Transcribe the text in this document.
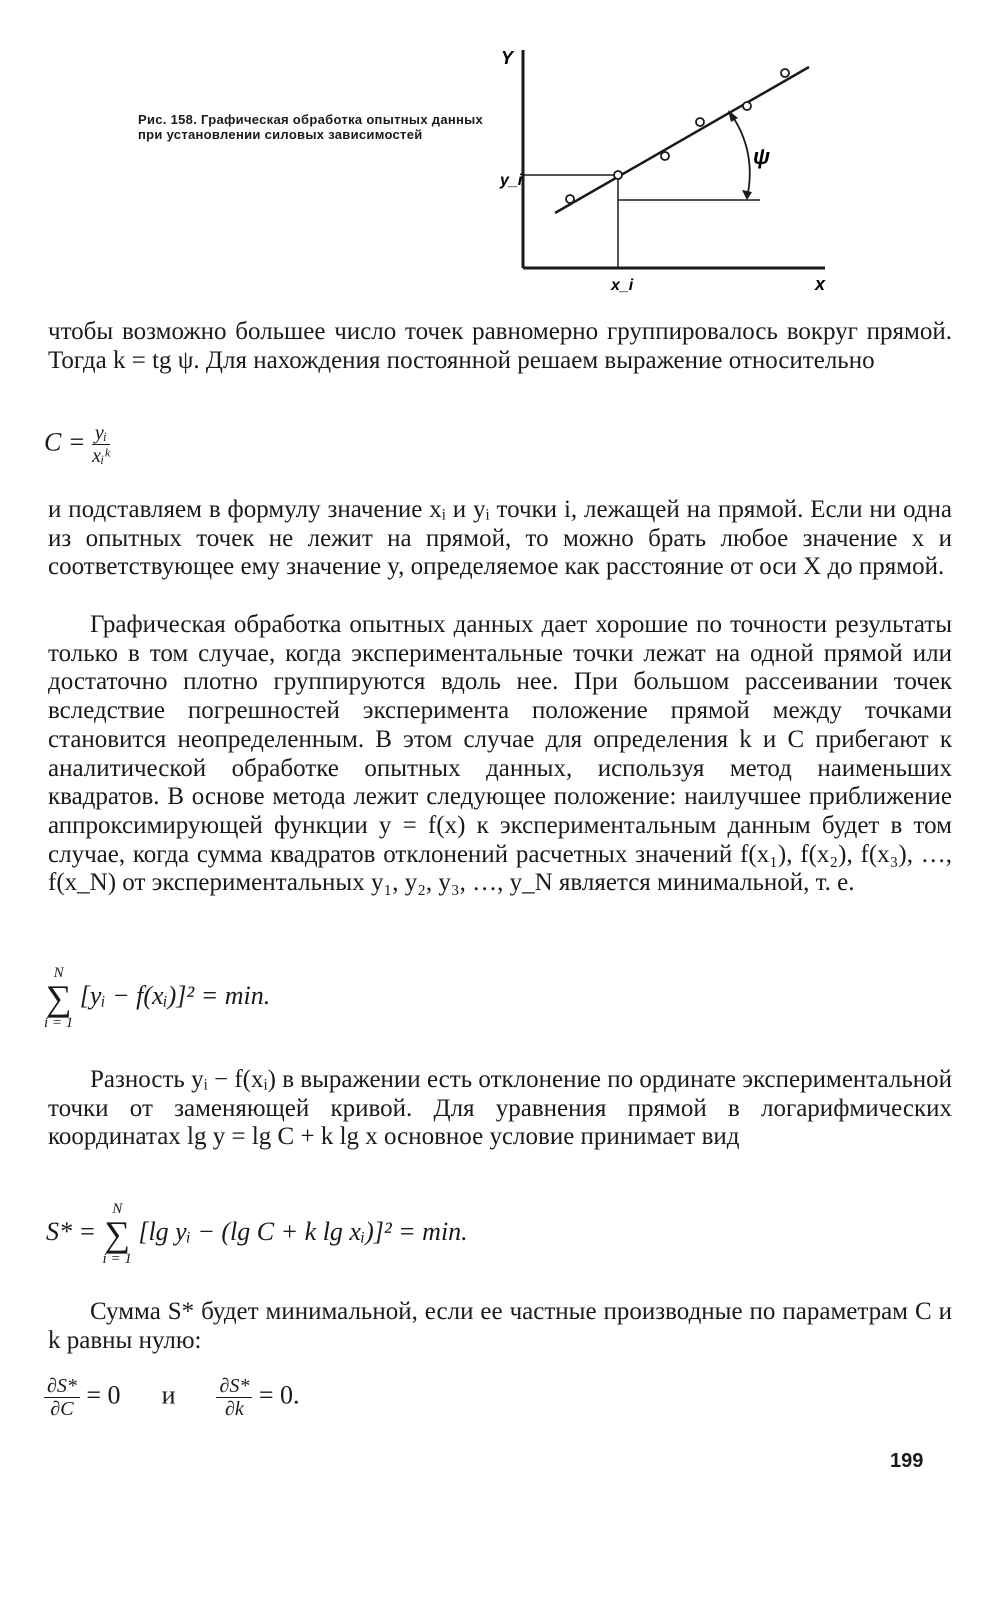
Рис. 158. Графическая обработка опытных данных при установлении силовых зависимостей
Y
x
y_i
x_i
ψ

чтобы возможно большее число точек равномерно группировалось вокруг прямой. Тогда k = tg ψ. Для нахождения постоянной решаем выражение относительно

$C = \frac{\text{yᵢ}}{\text{xᵢᵏ}}$

и подставляем в формулу значение xᵢ и yᵢ точки i, лежащей на прямой. Если ни одна из опытных точек не лежит на прямой, то можно брать любое значение x и соответствующее ему значение y, определяемое как расстояние от оси X до прямой.

Графическая обработка опытных данных дает хорошие по точности результаты только в том случае, когда экспериментальные точки лежат на одной прямой или достаточно плотно группируются вдоль нее. При большом рассеивании точек вследствие погрешностей эксперимента положение прямой между точками становится неопределенным. В этом случае для определения k и C прибегают к аналитической обработке опытных данных, используя метод наименьших квадратов. В основе метода лежит следующее положение: наилучшее приближение аппроксимирующей функции y = f(x) к экспериментальным данным будет в том случае, когда сумма квадратов отклонений расчетных значений f(x₁), f(x₂), f(x₃), …, f(x_N) от экспериментальных y₁, y₂, y₃, …, y_N является минимальной, т. е.

N
∑
i = 1
[yᵢ − f(xᵢ)]² = min.

Разность yᵢ − f(xᵢ) в выражении есть отклонение по ординате экспериментальной точки от заменяющей кривой. Для уравнения прямой в логарифмических координатах lg y = lg C + k lg x основное условие принимает вид

S* =
N
∑
i = 1
[lg yᵢ − (lg C + k lg xᵢ)]² = min.

Сумма S* будет минимальной, если ее частные производные по параметрам C и k равны нулю:

$\frac{\partial S*}{\partial C} = 0$ и $\frac{\partial S*}{\partial k} = 0$.
199
